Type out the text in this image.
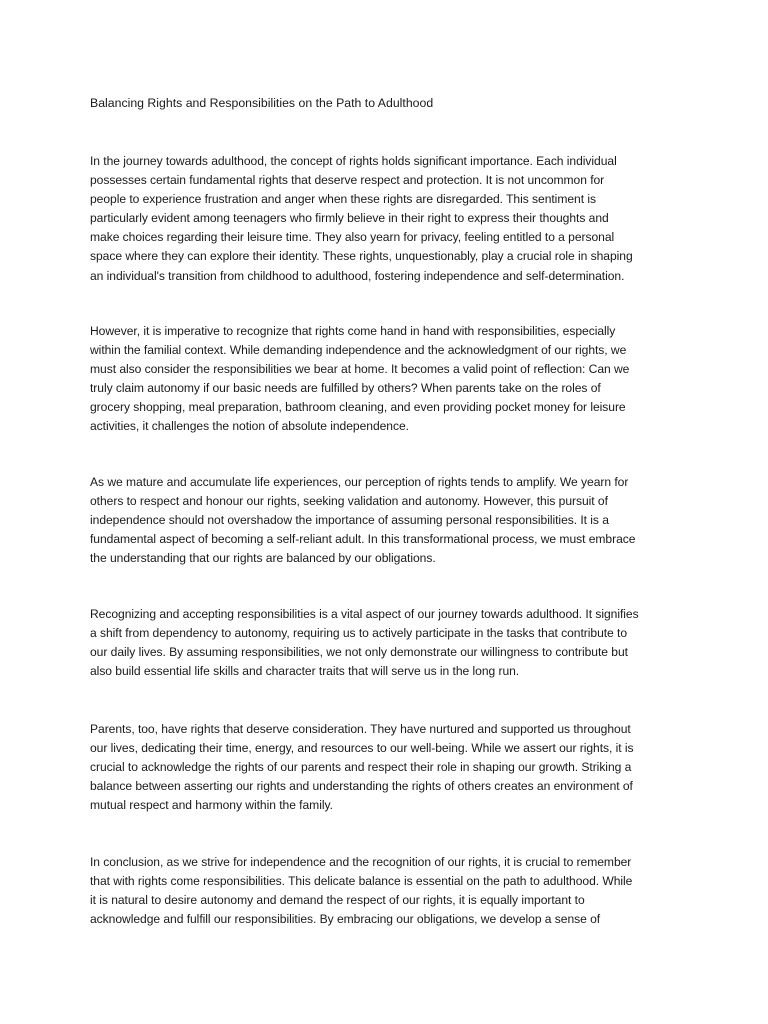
Balancing Rights and Responsibilities on the Path to Adulthood

In the journey towards adulthood, the concept of rights holds significant importance. Each individual
possesses certain fundamental rights that deserve respect and protection. It is not uncommon for
people to experience frustration and anger when these rights are disregarded. This sentiment is
particularly evident among teenagers who firmly believe in their right to express their thoughts and
make choices regarding their leisure time. They also yearn for privacy, feeling entitled to a personal
space where they can explore their identity. These rights, unquestionably, play a crucial role in shaping
an individual's transition from childhood to adulthood, fostering independence and self-determination.

However, it is imperative to recognize that rights come hand in hand with responsibilities, especially
within the familial context. While demanding independence and the acknowledgment of our rights, we
must also consider the responsibilities we bear at home. It becomes a valid point of reflection: Can we
truly claim autonomy if our basic needs are fulfilled by others? When parents take on the roles of
grocery shopping, meal preparation, bathroom cleaning, and even providing pocket money for leisure
activities, it challenges the notion of absolute independence.

As we mature and accumulate life experiences, our perception of rights tends to amplify. We yearn for
others to respect and honour our rights, seeking validation and autonomy. However, this pursuit of
independence should not overshadow the importance of assuming personal responsibilities. It is a
fundamental aspect of becoming a self-reliant adult. In this transformational process, we must embrace
the understanding that our rights are balanced by our obligations.

Recognizing and accepting responsibilities is a vital aspect of our journey towards adulthood. It signifies
a shift from dependency to autonomy, requiring us to actively participate in the tasks that contribute to
our daily lives. By assuming responsibilities, we not only demonstrate our willingness to contribute but
also build essential life skills and character traits that will serve us in the long run.

Parents, too, have rights that deserve consideration. They have nurtured and supported us throughout
our lives, dedicating their time, energy, and resources to our well-being. While we assert our rights, it is
crucial to acknowledge the rights of our parents and respect their role in shaping our growth. Striking a
balance between asserting our rights and understanding the rights of others creates an environment of
mutual respect and harmony within the family.

In conclusion, as we strive for independence and the recognition of our rights, it is crucial to remember
that with rights come responsibilities. This delicate balance is essential on the path to adulthood. While
it is natural to desire autonomy and demand the respect of our rights, it is equally important to
acknowledge and fulfill our responsibilities. By embracing our obligations, we develop a sense of
